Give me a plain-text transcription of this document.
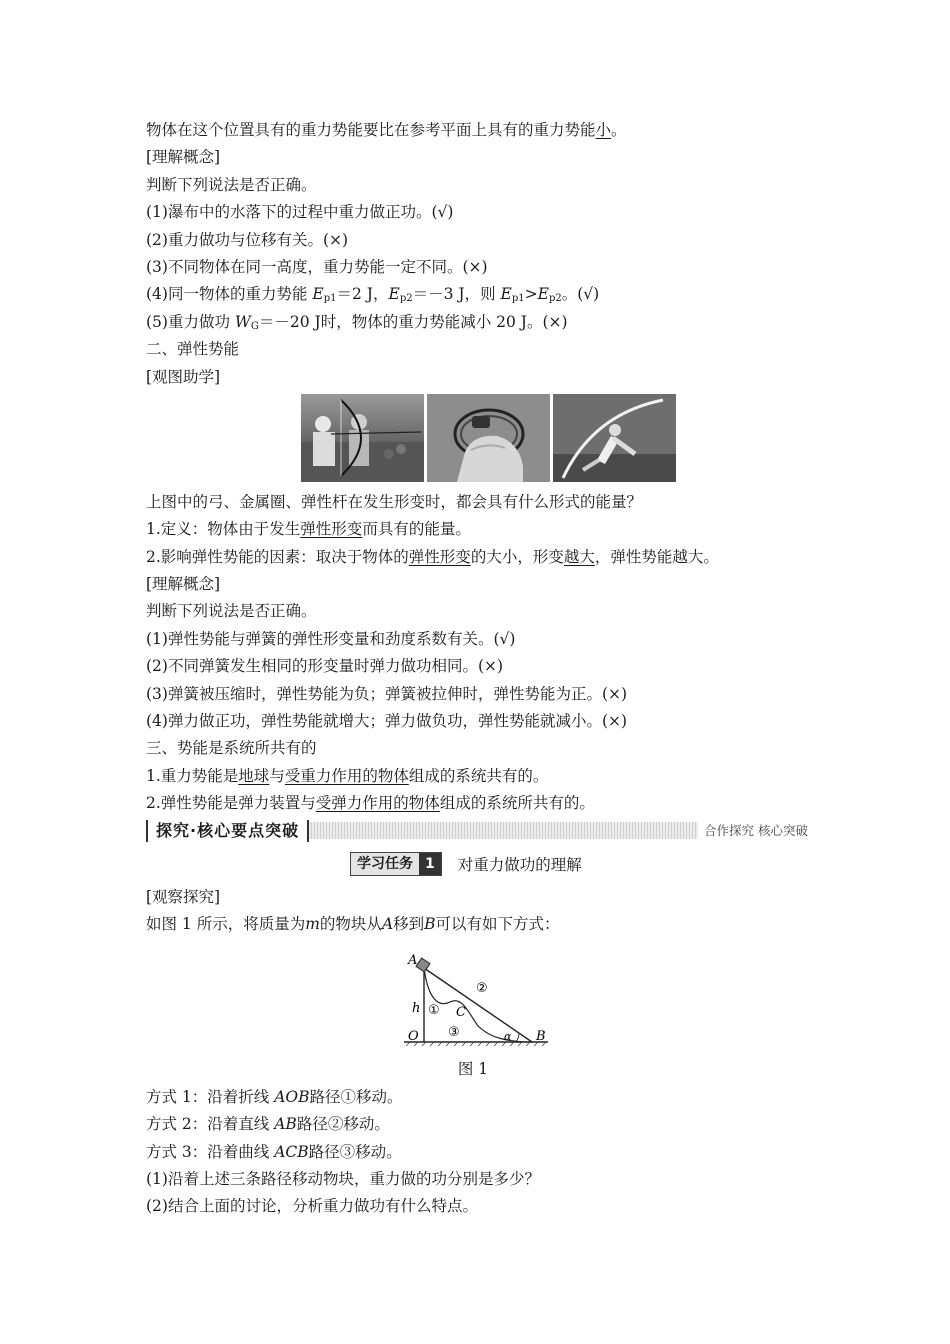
物体在这个位置具有的重力势能要比在参考平面上具有的重力势能小。
[理解概念]
判断下列说法是否正确。
(1)瀑布中的水落下的过程中重力做正功。(√)
(2)重力做功与位移有关。(×)
(3)不同物体在同一高度，重力势能一定不同。(×)
(4)同一物体的重力势能 $E_{p1}=2$ J，$E_{p2}=-3$ J，则 $E_{p1}>E_{p2}$。(√)
(5)重力做功 $W_G=-20$ J时，物体的重力势能减小 20 J。(×)
二、弹性势能
[观图助学]
上图中的弓、金属圈、弹性杆在发生形变时，都会具有什么形式的能量？
1.定义：物体由于发生弹性形变而具有的能量。
2.影响弹性势能的因素：取决于物体的弹性形变的大小，形变越大，弹性势能越大。
[理解概念]
判断下列说法是否正确。
(1)弹性势能与弹簧的弹性形变量和劲度系数有关。(√)
(2)不同弹簧发生相同的形变量时弹力做功相同。(×)
(3)弹簧被压缩时，弹性势能为负；弹簧被拉伸时，弹性势能为正。(×)
(4)弹力做正功，弹性势能就增大；弹力做负功，弹性势能就减小。(×)
三、势能是系统所共有的
1.重力势能是地球与受重力作用的物体组成的系统共有的。
2.弹性势能是弹力装置与受弹力作用的物体组成的系统所共有的。
探究·核心要点突破	合作探究 核心突破
学习任务 1	对重力做功的理解
[观察探究]
如图 1 所示，将质量为m的物块从A移到B可以有如下方式：
A
h
O	B
C
α
①
②
③
图 1
方式 1：沿着折线 AOB路径①移动。
方式 2：沿着直线 AB路径②移动。
方式 3：沿着曲线 ACB路径③移动。
(1)沿着上述三条路径移动物块，重力做的功分别是多少？
(2)结合上面的讨论，分析重力做功有什么特点。
